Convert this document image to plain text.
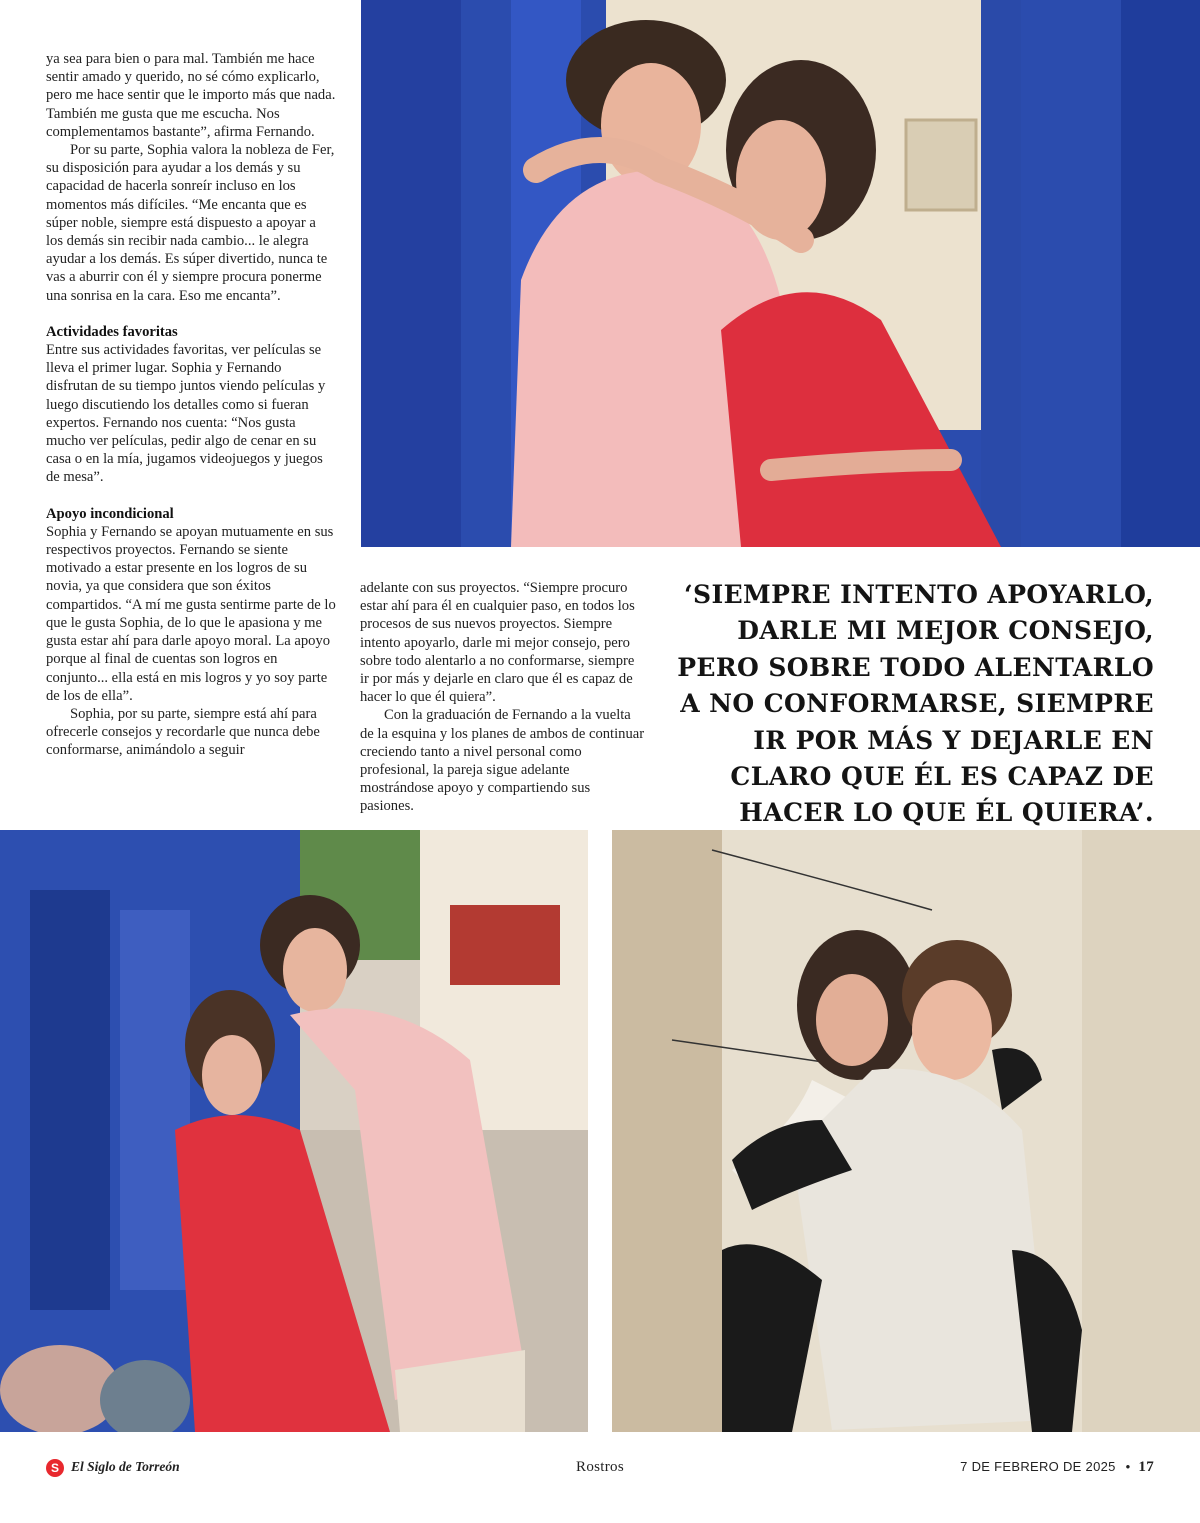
ya sea para bien o para mal. También me hace sentir amado y querido, no sé cómo explicarlo, pero me hace sentir que le importo más que nada. También me gusta que me escucha. Nos complementamos bastante”, afirma Fernando.

Por su parte, Sophia valora la nobleza de Fer, su disposición para ayudar a los demás y su capacidad de hacerla sonreír incluso en los momentos más difíciles. “Me encanta que es súper noble, siempre está dispuesto a apoyar a los demás sin recibir nada cambio... le alegra ayudar a los demás. Es súper divertido, nunca te vas a aburrir con él y siempre procura ponerme una sonrisa en la cara. Eso me encanta”.

Actividades favoritas

Entre sus actividades favoritas, ver películas se lleva el primer lugar. Sophia y Fernando disfrutan de su tiempo juntos viendo películas y luego discutiendo los detalles como si fueran expertos. Fernando nos cuenta: “Nos gusta mucho ver películas, pedir algo de cenar en su casa o en la mía, jugamos videojuegos y juegos de mesa”.

Apoyo incondicional

Sophia y Fernando se apoyan mutuamente en sus respectivos proyectos. Fernando se siente motivado a estar presente en los logros de su novia, ya que considera que son éxitos compartidos. “A mí me gusta sentirme parte de lo que le gusta Sophia, de lo que le apasiona y me gusta estar ahí para darle apoyo moral. La apoyo porque al final de cuentas son logros en conjunto... ella está en mis logros y yo soy parte de los de ella”.

Sophia, por su parte, siempre está ahí para ofrecerle consejos y recordarle que nunca debe conformarse, animándolo a seguir

adelante con sus proyectos. “Siempre procuro estar ahí para él en cualquier paso, en todos los procesos de sus nuevos proyectos. Siempre intento apoyarlo, darle mi mejor consejo, pero sobre todo alentarlo a no conformarse, siempre ir por más y dejarle en claro que él es capaz de hacer lo que él quiera”.

Con la graduación de Fernando a la vuelta de la esquina y los planes de ambos de continuar creciendo tanto a nivel personal como profesional, la pareja sigue adelante mostrándose apoyo y compartiendo sus pasiones.

‘SIEMPRE INTENTO APOYARLO, DARLE MI MEJOR CONSEJO, PERO SOBRE TODO ALENTARLO A NO CONFORMARSE, SIEMPRE IR POR MÁS Y DEJARLE EN CLARO QUE ÉL ES CAPAZ DE HACER LO QUE ÉL QUIERA’.
S El Siglo de Torreón	Rostros	7 DE FEBRERO DE 2025 • 17
